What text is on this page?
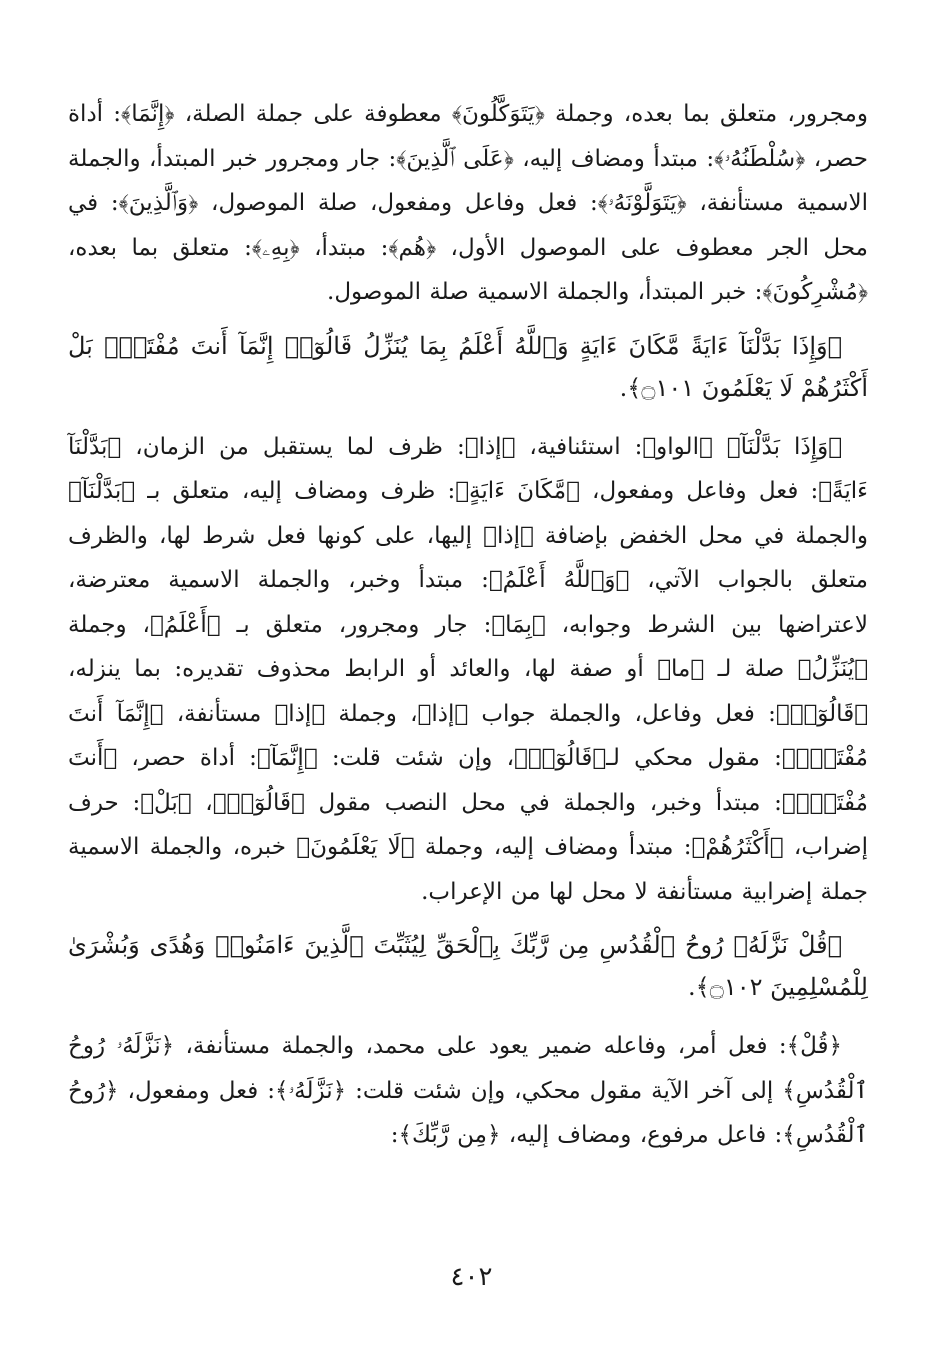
ومجرور، متعلق بما بعده، وجملة ﴿يَتَوَكَّلُونَ﴾ معطوفة على جملة الصلة، ﴿إِنَّمَا﴾: أداة حصر، ﴿سُلْطَنُهُۥ﴾: مبتدأ ومضاف إليه، ﴿عَلَى ٱلَّذِينَ﴾: جار ومجرور خبر المبتدأ، والجملة الاسمية مستأنفة، ﴿يَتَوَلَّوْنَهُۥ﴾: فعل وفاعل ومفعول، صلة الموصول، ﴿وَٱلَّذِينَ﴾: في محل الجر معطوف على الموصول الأول، ﴿هُم﴾: مبتدأ، ﴿بِهِۦ﴾: متعلق بما بعده، ﴿مُشْرِكُونَ﴾: خبر المبتدأ، والجملة الاسمية صلة الموصول.

﴿وَإِذَا بَدَّلْنَآ ءَايَةً مَّكَانَ ءَايَةٍ وَٱللَّهُ أَعْلَمُ بِمَا يُنَزِّلُ قَالُوٓا۟ إِنَّمَآ أَنتَ مُفْتَرٍۭ بَلْ أَكْثَرُهُمْ لَا يَعْلَمُونَ ۝١٠١﴾.

﴿وَإِذَا بَدَّلْنَآ﴾ ﴿الواو﴾: استئنافية، ﴿إذا﴾: ظرف لما يستقبل من الزمان، ﴿بَدَّلْنَآ ءَايَةً﴾: فعل وفاعل ومفعول، ﴿مَّكَانَ ءَايَةٍ﴾: ظرف ومضاف إليه، متعلق بـ ﴿بَدَّلْنَآ﴾ والجملة في محل الخفض بإضافة ﴿إذا﴾ إليها، على كونها فعل شرط لها، والظرف متعلق بالجواب الآتي، ﴿وَٱللَّهُ أَعْلَمُ﴾: مبتدأ وخبر، والجملة الاسمية معترضة، لاعتراضها بين الشرط وجوابه، ﴿بِمَا﴾: جار ومجرور، متعلق بـ ﴿أَعْلَمُ﴾، وجملة ﴿يُنَزِّلُ﴾ صلة لـ ﴿ما﴾ أو صفة لها، والعائد أو الرابط محذوف تقديره: بما ينزله، ﴿قَالُوٓا۟﴾: فعل وفاعل، والجملة جواب ﴿إذا﴾، وجملة ﴿إذا﴾ مستأنفة، ﴿إِنَّمَآ أَنتَ مُفْتَرٍۭ﴾: مقول محكي لـ﴿قَالُوٓا۟﴾، وإن شئت قلت: ﴿إِنَّمَآ﴾: أداة حصر، ﴿أَنتَ مُفْتَرٍۭ﴾: مبتدأ وخبر، والجملة في محل النصب مقول ﴿قَالُوٓا۟﴾، ﴿بَلْ﴾: حرف إضراب، ﴿أَكْثَرُهُمْ﴾: مبتدأ ومضاف إليه، وجملة ﴿لَا يَعْلَمُونَ﴾ خبره، والجملة الاسمية جملة إضرابية مستأنفة لا محل لها من الإعراب.

﴿قُلْ نَزَّلَهُۥ رُوحُ ٱلْقُدُسِ مِن رَّبِّكَ بِٱلْحَقِّ لِيُثَبِّتَ ٱلَّذِينَ ءَامَنُوا۟ وَهُدًى وَبُشْرَىٰ لِلْمُسْلِمِينَ ۝١٠٢﴾.

﴿قُلْ﴾: فعل أمر، وفاعله ضمير يعود على محمد، والجملة مستأنفة، ﴿نَزَّلَهُۥ رُوحُ ٱلْقُدُسِ﴾ إلى آخر الآية مقول محكي، وإن شئت قلت: ﴿نَزَّلَهُۥ﴾: فعل ومفعول، ﴿رُوحُ ٱلْقُدُسِ﴾: فاعل مرفوع، ومضاف إليه، ﴿مِن رَّبِّكَ﴾:

٤٠٢
